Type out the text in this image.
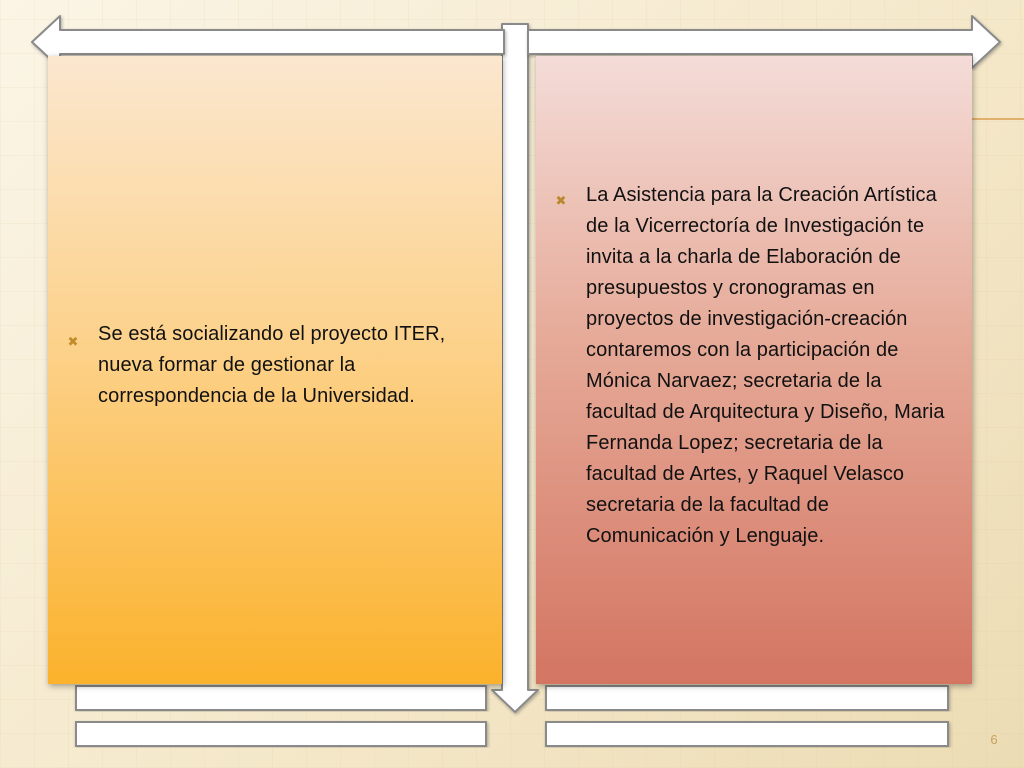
✖ Se está socializando el proyecto ITER, nueva formar de gestionar la correspondencia de la Universidad.
✖ La Asistencia para la Creación Artística de la Vicerrectoría de Investigación te invita a la charla de Elaboración de presupuestos y cronogramas en proyectos de investigación-creación contaremos con la participación de Mónica Narvaez; secretaria de la facultad de Arquitectura y Diseño, Maria Fernanda Lopez; secretaria de la facultad de Artes, y Raquel Velasco secretaria de la facultad de Comunicación y Lenguaje.
6
